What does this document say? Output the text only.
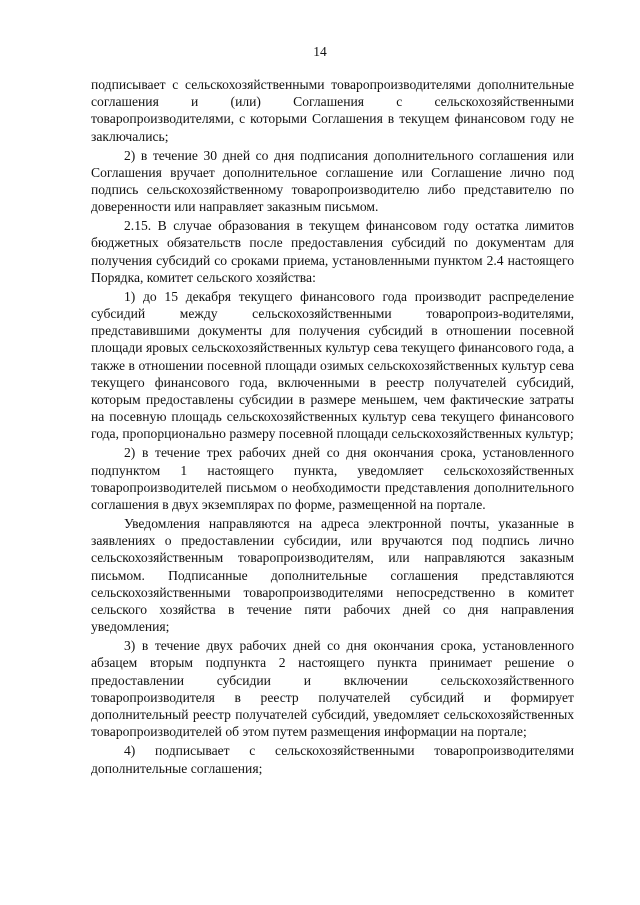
14

подписывает с сельскохозяйственными товаропроизводителями дополнительные соглашения и (или) Соглашения с сельскохозяйственными товаропроизводителями, с которыми Соглашения в текущем финансовом году не заключались;

2) в течение 30 дней со дня подписания дополнительного соглашения или Соглашения вручает дополнительное соглашение или Соглашение лично под подпись сельскохозяйственному товаропроизводителю либо представителю по доверенности или направляет заказным письмом.

2.15. В случае образования в текущем финансовом году остатка лимитов бюджетных обязательств после предоставления субсидий по документам для получения субсидий со сроками приема, установленными пунктом 2.4 настоящего Порядка, комитет сельского хозяйства:

1) до 15 декабря текущего финансового года производит распределение субсидий между сельскохозяйственными товаропроиз-водителями, представившими документы для получения субсидий в отношении посевной площади яровых сельскохозяйственных культур сева текущего финансового года, а также в отношении посевной площади озимых сельскохозяйственных культур сева текущего финансового года, включенными в реестр получателей субсидий, которым предоставлены субсидии в размере меньшем, чем фактические затраты на посевную площадь сельскохозяйственных культур сева текущего финансового года, пропорционально размеру посевной площади сельскохозяйственных культур;

2) в течение трех рабочих дней со дня окончания срока, установленного подпунктом 1 настоящего пункта, уведомляет сельскохозяйственных товаропроизводителей письмом о необходимости представления дополнительного соглашения в двух экземплярах по форме, размещенной на портале.

Уведомления направляются на адреса электронной почты, указанные в заявлениях о предоставлении субсидии, или вручаются под подпись лично сельскохозяйственным товаропроизводителям, или направляются заказным письмом. Подписанные дополнительные соглашения представляются сельскохозяйственными товаропроизводителями непосредственно в комитет сельского хозяйства в течение пяти рабочих дней со дня направления уведомления;

3) в течение двух рабочих дней со дня окончания срока, установленного абзацем вторым подпункта 2 настоящего пункта принимает решение о предоставлении субсидии и включении сельскохозяйственного товаропроизводителя в реестр получателей субсидий и формирует дополнительный реестр получателей субсидий, уведомляет сельскохозяйственных товаропроизводителей об этом путем размещения информации на портале;

4) подписывает с сельскохозяйственными товаропроизводителями дополнительные соглашения;
